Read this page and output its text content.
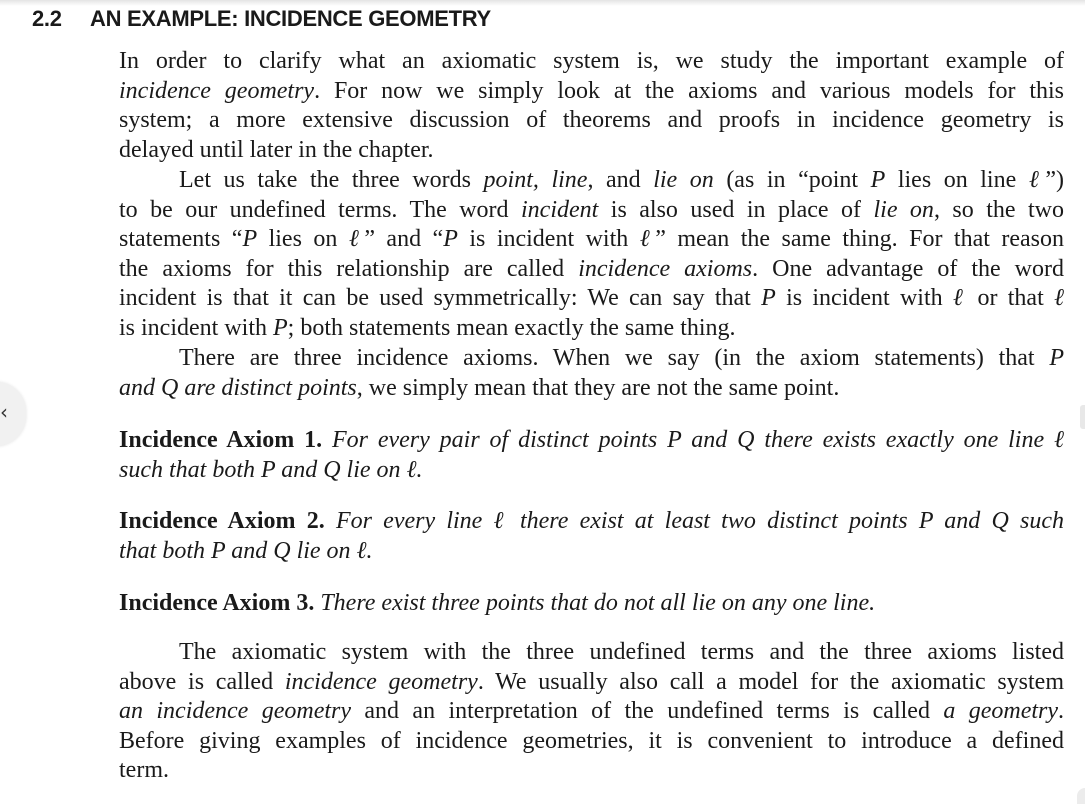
2.2 AN EXAMPLE: INCIDENCE GEOMETRY
In order to clarify what an axiomatic system is, we study the important example of
incidence geometry. For now we simply look at the axioms and various models for this
system; a more extensive discussion of theorems and proofs in incidence geometry is
delayed until later in the chapter.
Let us take the three words point, line, and lie on (as in “point P lies on line ℓ”)
to be our undefined terms. The word incident is also used in place of lie on, so the two
statements “P lies on ℓ” and “P is incident with ℓ” mean the same thing. For that reason
the axioms for this relationship are called incidence axioms. One advantage of the word
incident is that it can be used symmetrically: We can say that P is incident with ℓ or that ℓ
is incident with P; both statements mean exactly the same thing.
There are three incidence axioms. When we say (in the axiom statements) that P
and Q are distinct points, we simply mean that they are not the same point.
Incidence Axiom 1. For every pair of distinct points P and Q there exists exactly one line ℓ
such that both P and Q lie on ℓ.
Incidence Axiom 2. For every line ℓ there exist at least two distinct points P and Q such
that both P and Q lie on ℓ.
Incidence Axiom 3. There exist three points that do not all lie on any one line.
The axiomatic system with the three undefined terms and the three axioms listed
above is called incidence geometry. We usually also call a model for the axiomatic system
an incidence geometry and an interpretation of the undefined terms is called a geometry.
Before giving examples of incidence geometries, it is convenient to introduce a defined
term.
‹
